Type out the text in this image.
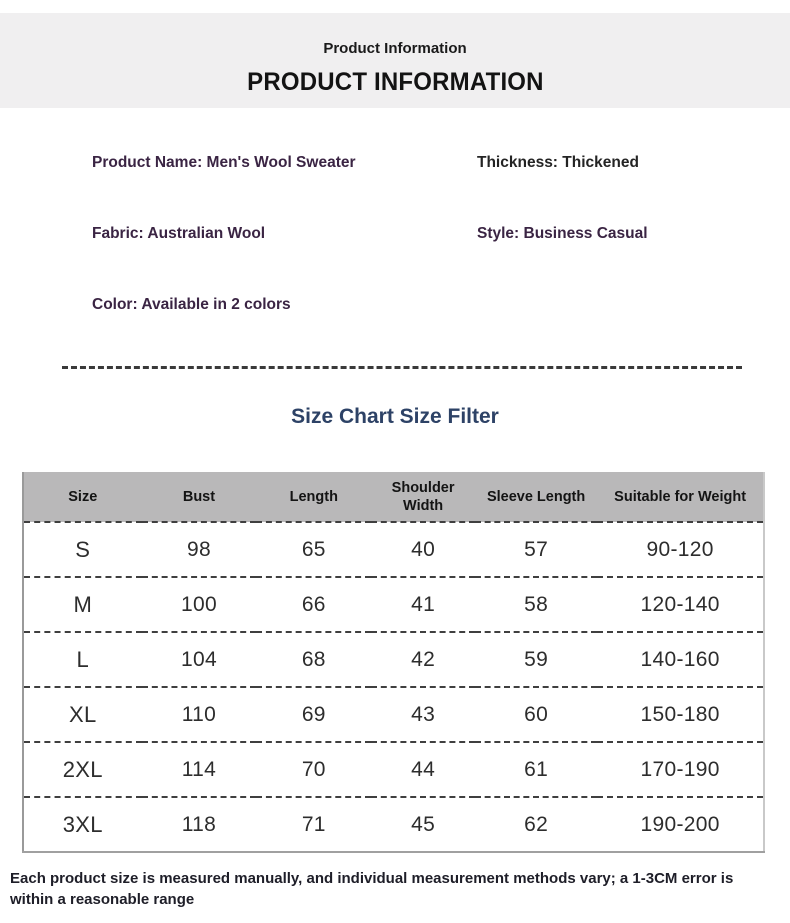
Product Information
PRODUCT INFORMATION
Product Name: Men's Wool Sweater	Thickness: Thickened
Fabric: Australian Wool	Style: Business Casual
Color: Available in 2 colors
Size Chart Size Filter
Size	Bust	Length	Shoulder Width	Sleeve Length	Suitable for Weight
S	98	65	40	57	90-120
M	100	66	41	58	120-140
L	104	68	42	59	140-160
XL	110	69	43	60	150-180
2XL	114	70	44	61	170-190
3XL	118	71	45	62	190-200

Each product size is measured manually, and individual measurement methods vary; a 1-3CM error is within a reasonable range
